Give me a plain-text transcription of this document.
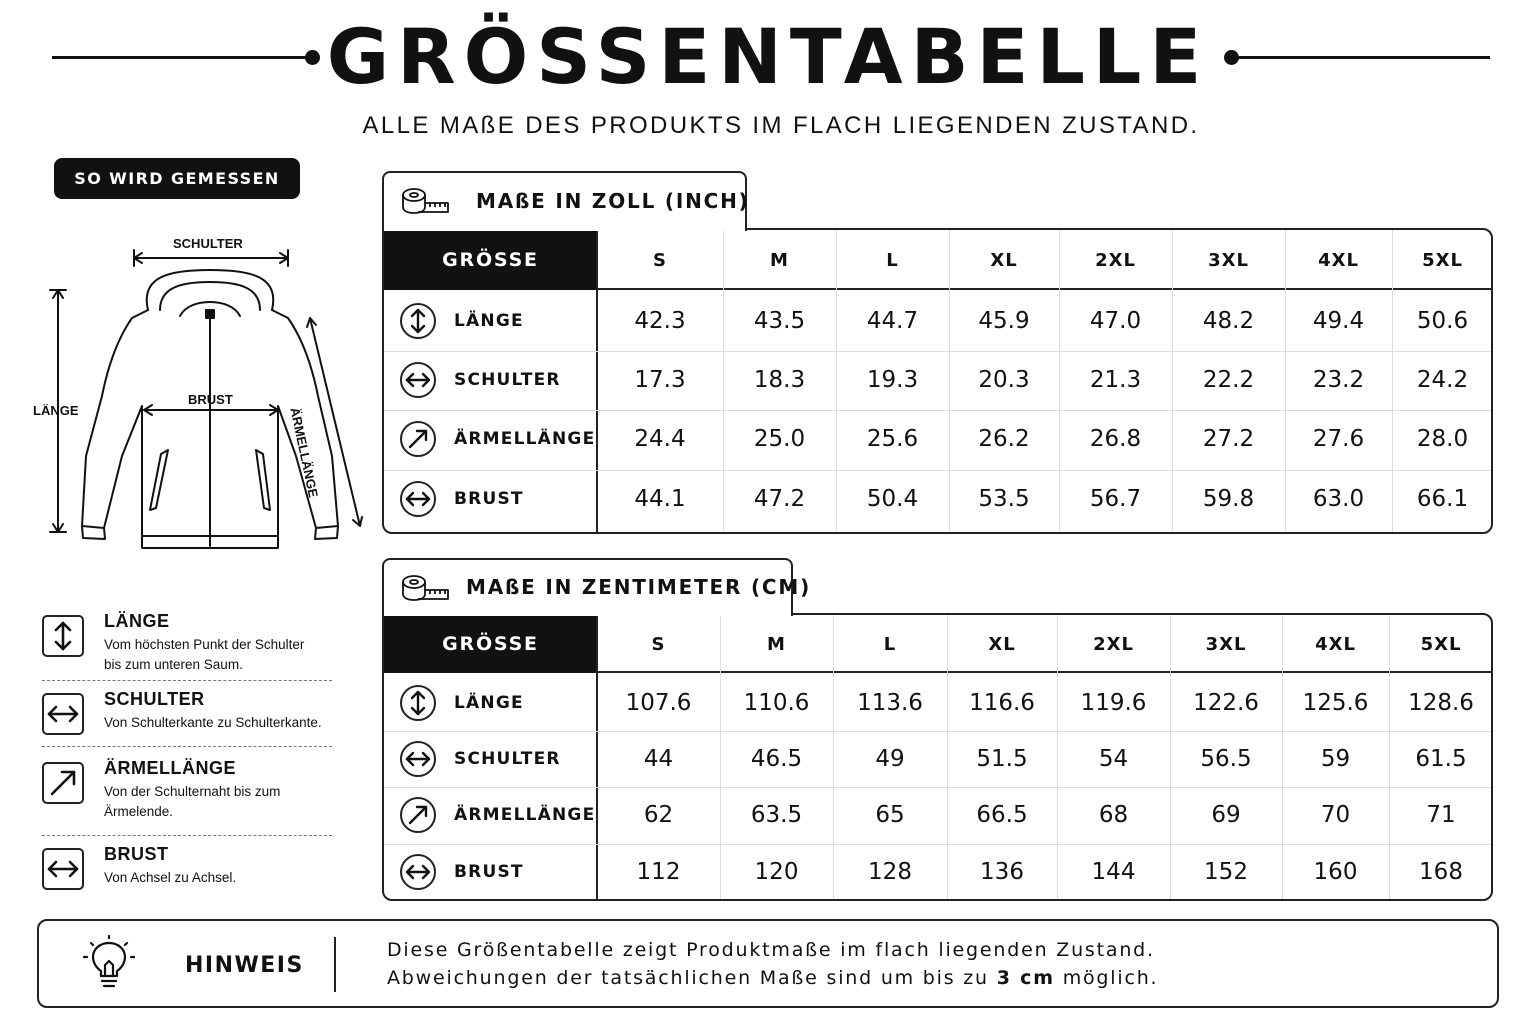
GRÖSSENTABELLE
ALLE MAßE DES PRODUKTS IM FLACH LIEGENDEN ZUSTAND.
SO WIRD GEMESSEN
SCHULTER
LÄNGE
BRUST
ÄRMELLÄNGE
LÄNGE
Vom höchsten Punkt der Schulter
bis zum unteren Saum.
SCHULTER
Von Schulterkante zu Schulterkante.
ÄRMELLÄNGE
Von der Schulternaht bis zum
Ärmelende.
BRUST
Von Achsel zu Achsel.
MAßE IN ZOLL (INCH)
GRÖSSE	S	M	L	XL	2XL	3XL	4XL	5XL
LÄNGE	42.3	43.5	44.7	45.9	47.0	48.2	49.4	50.6
SCHULTER	17.3	18.3	19.3	20.3	21.3	22.2	23.2	24.2
ÄRMELLÄNGE	24.4	25.0	25.6	26.2	26.8	27.2	27.6	28.0
BRUST	44.1	47.2	50.4	53.5	56.7	59.8	63.0	66.1
MAßE IN ZENTIMETER (CM)
GRÖSSE	S	M	L	XL	2XL	3XL	4XL	5XL
LÄNGE	107.6	110.6	113.6	116.6	119.6	122.6	125.6	128.6
SCHULTER	44	46.5	49	51.5	54	56.5	59	61.5
ÄRMELLÄNGE	62	63.5	65	66.5	68	69	70	71
BRUST	112	120	128	136	144	152	160	168
HINWEIS
Diese Größentabelle zeigt Produktmaße im flach liegenden Zustand.
Abweichungen der tatsächlichen Maße sind um bis zu 3 cm möglich.
